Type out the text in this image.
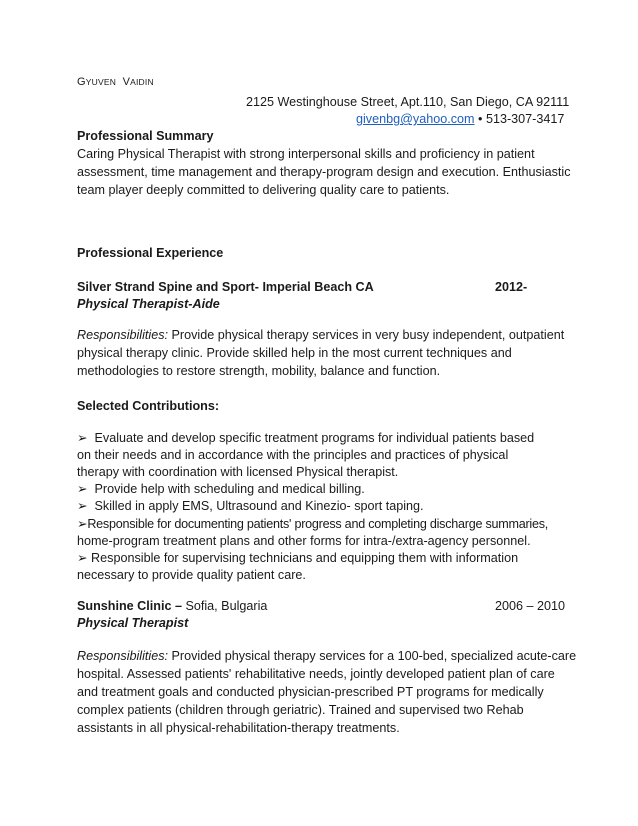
GYUVEN VAIDIN
2125 Westinghouse Street, Apt.110, San Diego, CA 92111
givenbg@yahoo.com • 513-307-3417
Professional Summary
Caring Physical Therapist with strong interpersonal skills and proficiency in patient
assessment, time management and therapy-program design and execution. Enthusiastic
team player deeply committed to delivering quality care to patients.
Professional Experience
Silver Strand Spine and Sport- Imperial Beach CA	2012-
Physical Therapist-Aide
Responsibilities: Provide physical therapy services in very busy independent, outpatient
physical therapy clinic. Provide skilled help in the most current techniques and
methodologies to restore strength, mobility, balance and function.
Selected Contributions:
➢ Evaluate and develop specific treatment programs for individual patients based
on their needs and in accordance with the principles and practices of physical
therapy with coordination with licensed Physical therapist.
➢ Provide help with scheduling and medical billing.
➢ Skilled in apply EMS, Ultrasound and Kinezio- sport taping.
➢Responsible for documenting patients' progress and completing discharge summaries,
home-program treatment plans and other forms for intra-/extra-agency personnel.
➢ Responsible for supervising technicians and equipping them with information
necessary to provide quality patient care.
Sunshine Clinic – Sofia, Bulgaria	2006 – 2010
Physical Therapist
Responsibilities: Provided physical therapy services for a 100-bed, specialized acute-care
hospital. Assessed patients' rehabilitative needs, jointly developed patient plan of care
and treatment goals and conducted physician-prescribed PT programs for medically
complex patients (children through geriatric). Trained and supervised two Rehab
assistants in all physical-rehabilitation-therapy treatments.
